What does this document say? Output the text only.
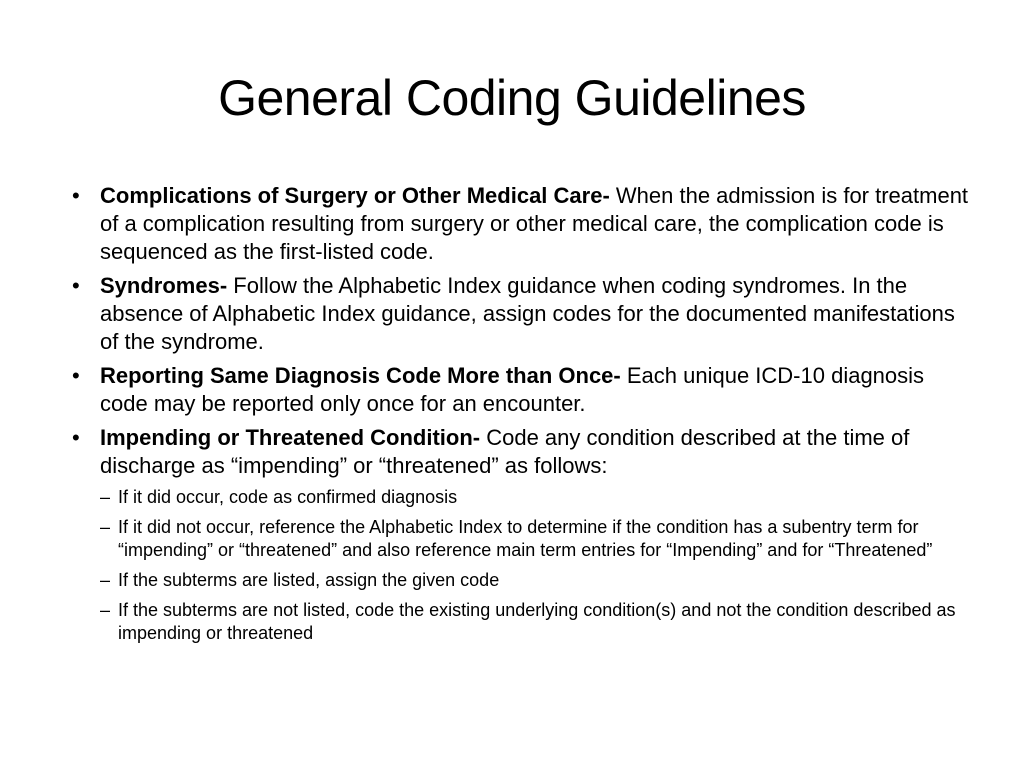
General Coding Guidelines
• Complications of Surgery or Other Medical Care- When the admission is for treatment of a complication resulting from surgery or other medical care, the complication code is sequenced as the first-listed code.
• Syndromes- Follow the Alphabetic Index guidance when coding syndromes. In the absence of Alphabetic Index guidance, assign codes for the documented manifestations of the syndrome.
• Reporting Same Diagnosis Code More than Once- Each unique ICD-10 diagnosis code may be reported only once for an encounter.
• Impending or Threatened Condition- Code any condition described at the time of discharge as “impending” or “threatened” as follows:
– If it did occur, code as confirmed diagnosis
– If it did not occur, reference the Alphabetic Index to determine if the condition has a subentry term for “impending” or “threatened” and also reference main term entries for “Impending” and for “Threatened”
– If the subterms are listed, assign the given code
– If the subterms are not listed, code the existing underlying condition(s) and not the condition described as impending or threatened
